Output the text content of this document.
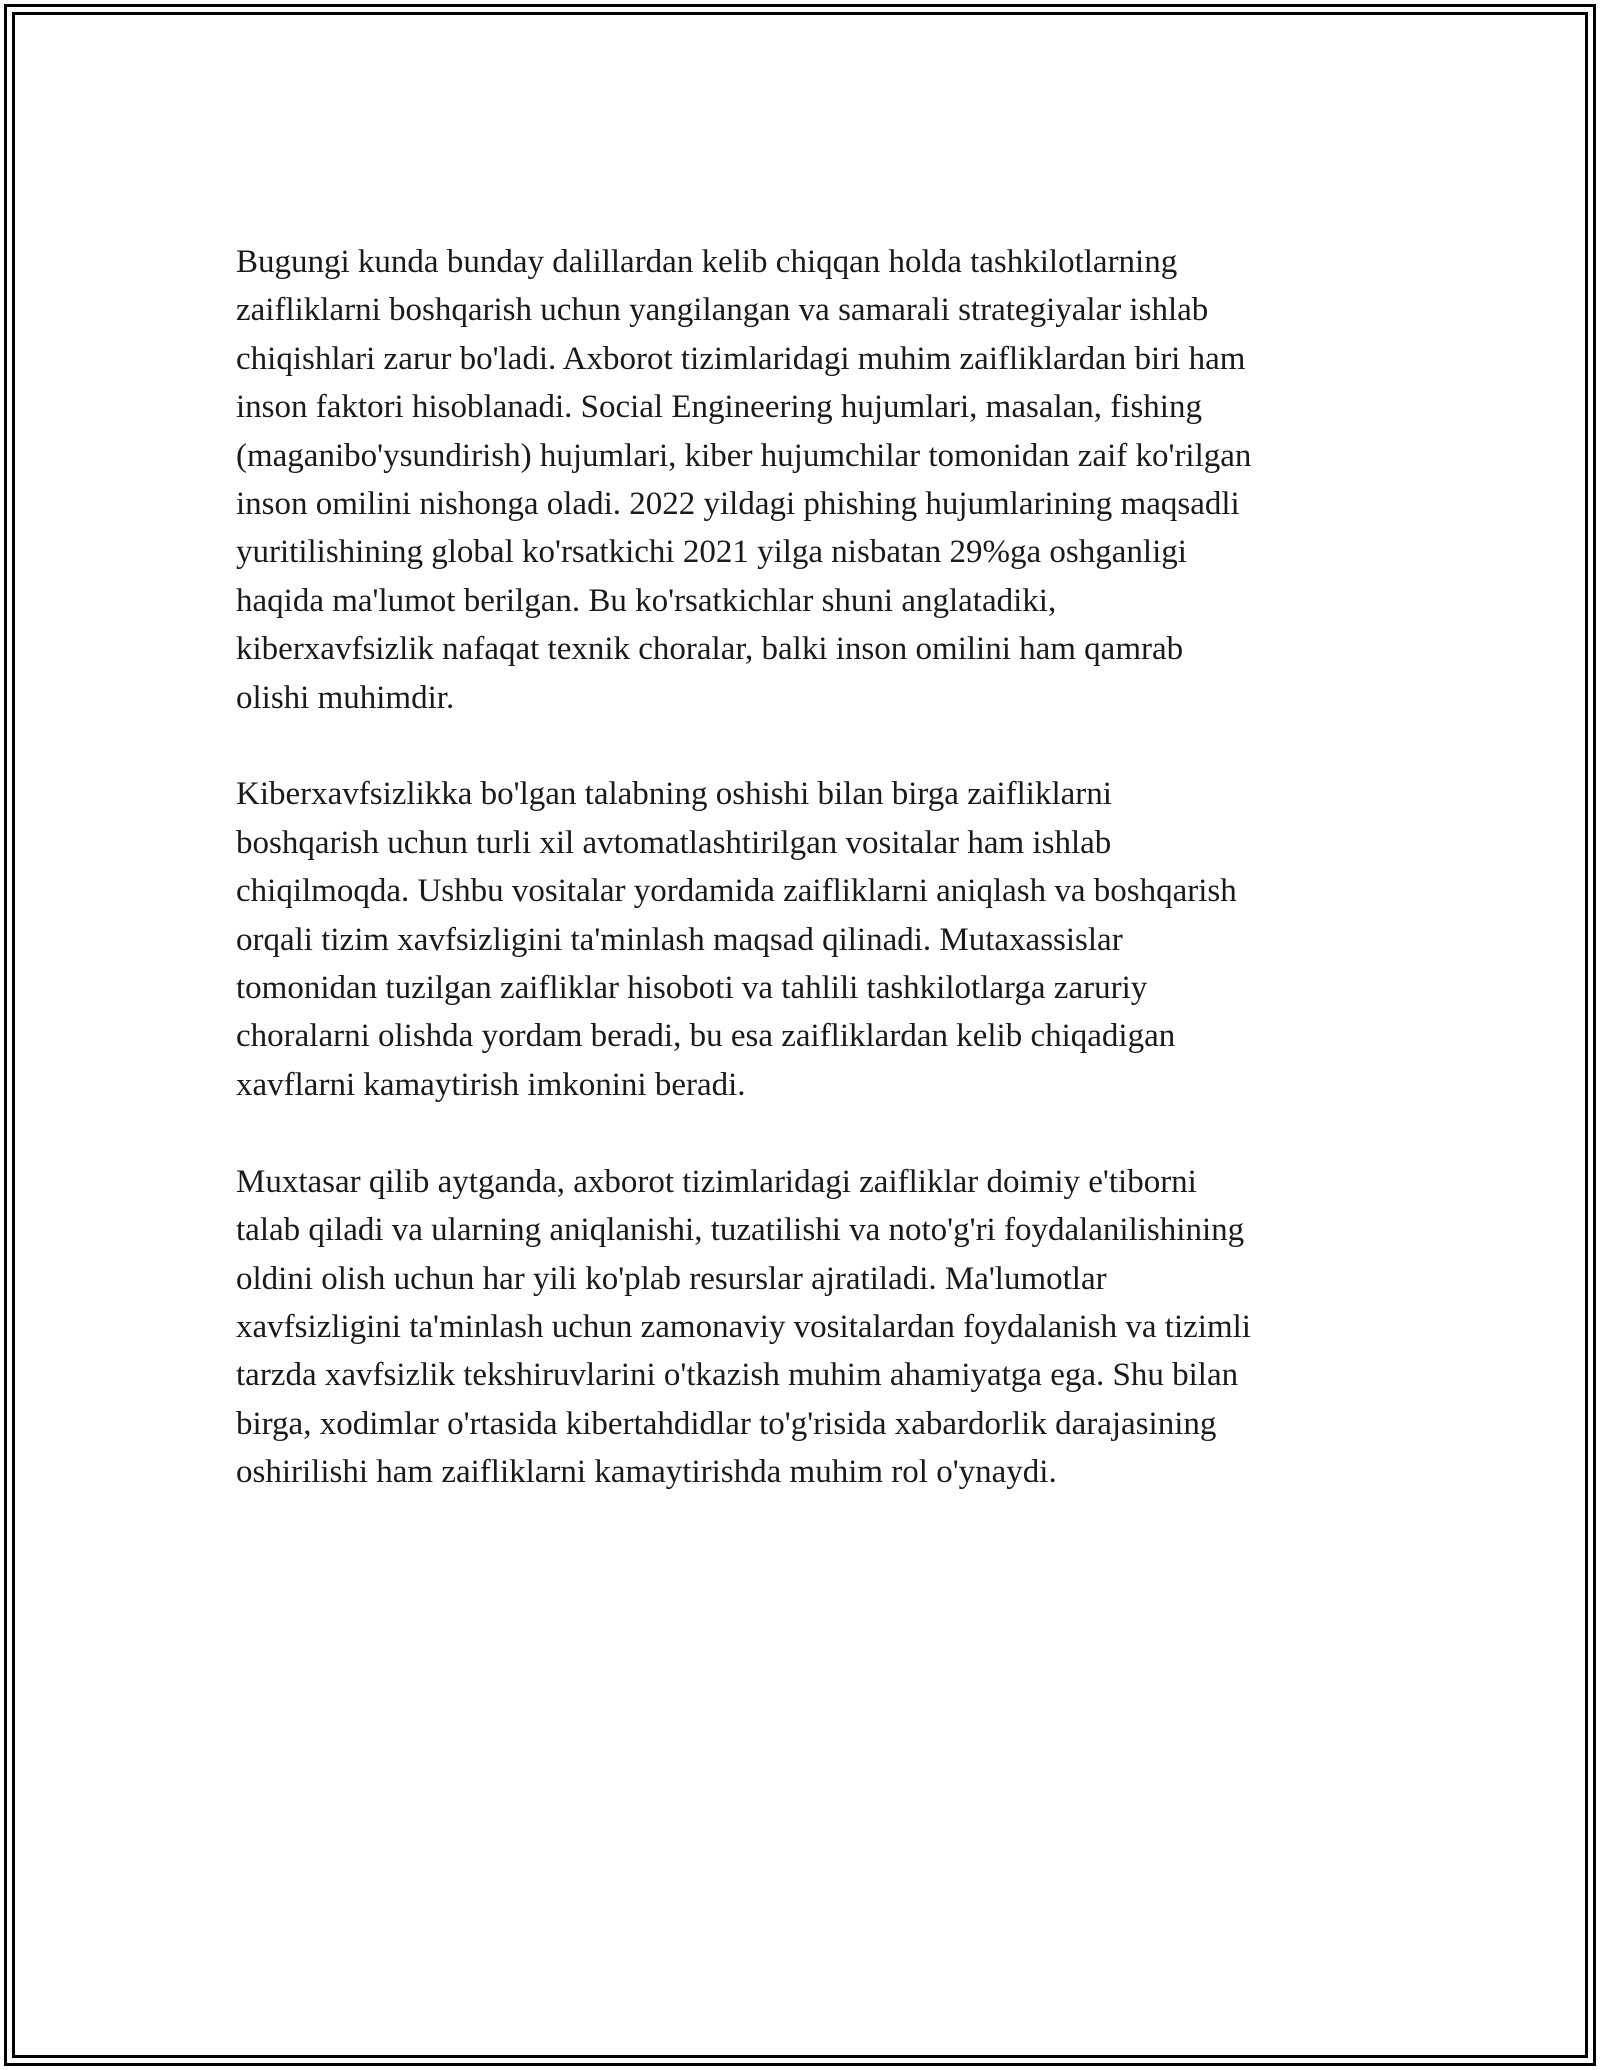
Bugungi kunda bunday dalillardan kelib chiqqan holda tashkilotlarning
zaifliklarni boshqarish uchun yangilangan va samarali strategiyalar ishlab
chiqishlari zarur bo'ladi. Axborot tizimlaridagi muhim zaifliklardan biri ham
inson faktori hisoblanadi. Social Engineering hujumlari, masalan, fishing
(maganibo'ysundirish) hujumlari, kiber hujumchilar tomonidan zaif ko'rilgan
inson omilini nishonga oladi. 2022 yildagi phishing hujumlarining maqsadli
yuritilishining global ko'rsatkichi 2021 yilga nisbatan 29%ga oshganligi
haqida ma'lumot berilgan. Bu ko'rsatkichlar shuni anglatadiki,
kiberxavfsizlik nafaqat texnik choralar, balki inson omilini ham qamrab
olishi muhimdir.

Kiberxavfsizlikka bo'lgan talabning oshishi bilan birga zaifliklarni
boshqarish uchun turli xil avtomatlashtirilgan vositalar ham ishlab
chiqilmoqda. Ushbu vositalar yordamida zaifliklarni aniqlash va boshqarish
orqali tizim xavfsizligini ta'minlash maqsad qilinadi. Mutaxassislar
tomonidan tuzilgan zaifliklar hisoboti va tahlili tashkilotlarga zaruriy
choralarni olishda yordam beradi, bu esa zaifliklardan kelib chiqadigan
xavflarni kamaytirish imkonini beradi.

Muxtasar qilib aytganda, axborot tizimlaridagi zaifliklar doimiy e'tiborni
talab qiladi va ularning aniqlanishi, tuzatilishi va noto'g'ri foydalanilishining
oldini olish uchun har yili ko'plab resurslar ajratiladi. Ma'lumotlar
xavfsizligini ta'minlash uchun zamonaviy vositalardan foydalanish va tizimli
tarzda xavfsizlik tekshiruvlarini o'tkazish muhim ahamiyatga ega. Shu bilan
birga, xodimlar o'rtasida kibertahdidlar to'g'risida xabardorlik darajasining
oshirilishi ham zaifliklarni kamaytirishda muhim rol o'ynaydi.
